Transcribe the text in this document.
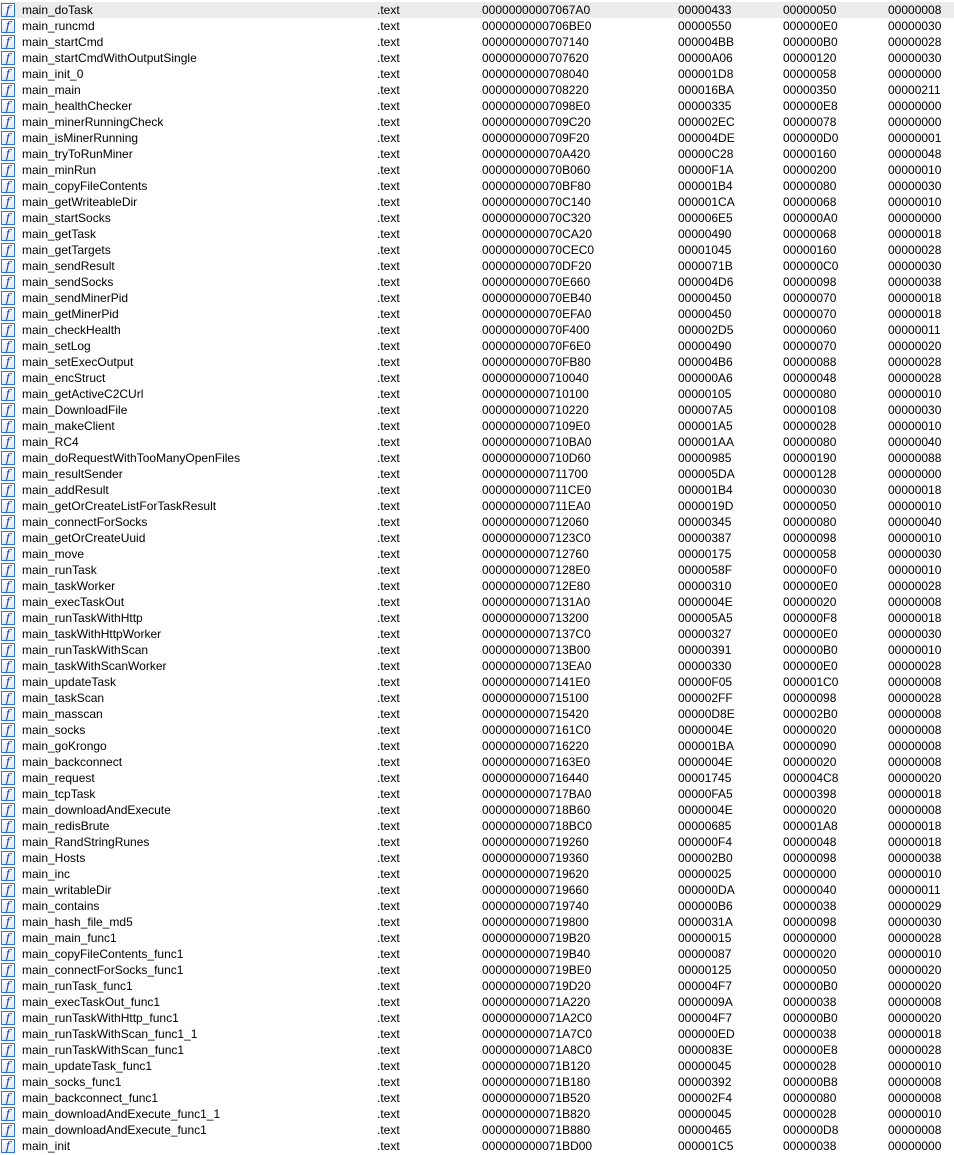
f main_doTask	.text	00000000007067A0	00000433	00000050	00000008
f main_runcmd	.text	0000000000706BE0	00000550	000000E0	00000030
f main_startCmd	.text	0000000000707140	000004BB	000000B0	00000028
f main_startCmdWithOutputSingle	.text	0000000000707620	00000A06	00000120	00000030
f main_init_0	.text	0000000000708040	000001D8	00000058	00000000
f main_main	.text	0000000000708220	000016BA	00000350	00000211
f main_healthChecker	.text	00000000007098E0	00000335	000000E8	00000000
f main_minerRunningCheck	.text	0000000000709C20	000002EC	00000078	00000000
f main_isMinerRunning	.text	0000000000709F20	000004DE	000000D0	00000001
f main_tryToRunMiner	.text	000000000070A420	00000C28	00000160	00000048
f main_minRun	.text	000000000070B060	00000F1A	00000200	00000010
f main_copyFileContents	.text	000000000070BF80	000001B4	00000080	00000030
f main_getWriteableDir	.text	000000000070C140	000001CA	00000068	00000010
f main_startSocks	.text	000000000070C320	000006E5	000000A0	00000000
f main_getTask	.text	000000000070CA20	00000490	00000068	00000018
f main_getTargets	.text	000000000070CEC0	00001045	00000160	00000028
f main_sendResult	.text	000000000070DF20	0000071B	000000C0	00000030
f main_sendSocks	.text	000000000070E660	000004D6	00000098	00000038
f main_sendMinerPid	.text	000000000070EB40	00000450	00000070	00000018
f main_getMinerPid	.text	000000000070EFA0	00000450	00000070	00000018
f main_checkHealth	.text	000000000070F400	000002D5	00000060	00000011
f main_setLog	.text	000000000070F6E0	00000490	00000070	00000020
f main_setExecOutput	.text	000000000070FB80	000004B6	00000088	00000028
f main_encStruct	.text	0000000000710040	000000A6	00000048	00000028
f main_getActiveC2CUrl	.text	0000000000710100	00000105	00000080	00000010
f main_DownloadFile	.text	0000000000710220	000007A5	00000108	00000030
f main_makeClient	.text	00000000007109E0	000001A5	00000028	00000010
f main_RC4	.text	0000000000710BA0	000001AA	00000080	00000040
f main_doRequestWithTooManyOpenFiles	.text	0000000000710D60	00000985	00000190	00000088
f main_resultSender	.text	0000000000711700	000005DA	00000128	00000000
f main_addResult	.text	0000000000711CE0	000001B4	00000030	00000018
f main_getOrCreateListForTaskResult	.text	0000000000711EA0	0000019D	00000050	00000010
f main_connectForSocks	.text	0000000000712060	00000345	00000080	00000040
f main_getOrCreateUuid	.text	00000000007123C0	00000387	00000098	00000010
f main_move	.text	0000000000712760	00000175	00000058	00000030
f main_runTask	.text	00000000007128E0	0000058F	000000F0	00000010
f main_taskWorker	.text	0000000000712E80	00000310	000000E0	00000028
f main_execTaskOut	.text	00000000007131A0	0000004E	00000020	00000008
f main_runTaskWithHttp	.text	0000000000713200	000005A5	000000F8	00000018
f main_taskWithHttpWorker	.text	00000000007137C0	00000327	000000E0	00000030
f main_runTaskWithScan	.text	0000000000713B00	00000391	000000B0	00000010
f main_taskWithScanWorker	.text	0000000000713EA0	00000330	000000E0	00000028
f main_updateTask	.text	00000000007141E0	00000F05	000001C0	00000008
f main_taskScan	.text	0000000000715100	000002FF	00000098	00000028
f main_masscan	.text	0000000000715420	00000D8E	000002B0	00000008
f main_socks	.text	00000000007161C0	0000004E	00000020	00000008
f main_goKrongo	.text	0000000000716220	000001BA	00000090	00000008
f main_backconnect	.text	00000000007163E0	0000004E	00000020	00000008
f main_request	.text	0000000000716440	00001745	000004C8	00000020
f main_tcpTask	.text	0000000000717BA0	00000FA5	00000398	00000018
f main_downloadAndExecute	.text	0000000000718B60	0000004E	00000020	00000008
f main_redisBrute	.text	0000000000718BC0	00000685	000001A8	00000018
f main_RandStringRunes	.text	0000000000719260	000000F4	00000048	00000018
f main_Hosts	.text	0000000000719360	000002B0	00000098	00000038
f main_inc	.text	0000000000719620	00000025	00000000	00000010
f main_writableDir	.text	0000000000719660	000000DA	00000040	00000011
f main_contains	.text	0000000000719740	000000B6	00000038	00000029
f main_hash_file_md5	.text	0000000000719800	0000031A	00000098	00000030
f main_main_func1	.text	0000000000719B20	00000015	00000000	00000028
f main_copyFileContents_func1	.text	0000000000719B40	00000087	00000020	00000010
f main_connectForSocks_func1	.text	0000000000719BE0	00000125	00000050	00000020
f main_runTask_func1	.text	0000000000719D20	000004F7	000000B0	00000020
f main_execTaskOut_func1	.text	000000000071A220	0000009A	00000038	00000008
f main_runTaskWithHttp_func1	.text	000000000071A2C0	000004F7	000000B0	00000020
f main_runTaskWithScan_func1_1	.text	000000000071A7C0	000000ED	00000038	00000018
f main_runTaskWithScan_func1	.text	000000000071A8C0	0000083E	000000E8	00000028
f main_updateTask_func1	.text	000000000071B120	00000045	00000028	00000010
f main_socks_func1	.text	000000000071B180	00000392	000000B8	00000008
f main_backconnect_func1	.text	000000000071B520	000002F4	00000080	00000008
f main_downloadAndExecute_func1_1	.text	000000000071B820	00000045	00000028	00000010
f main_downloadAndExecute_func1	.text	000000000071B880	00000465	000000D8	00000008
f main_init	.text	000000000071BD00	000001C5	00000038	00000000
